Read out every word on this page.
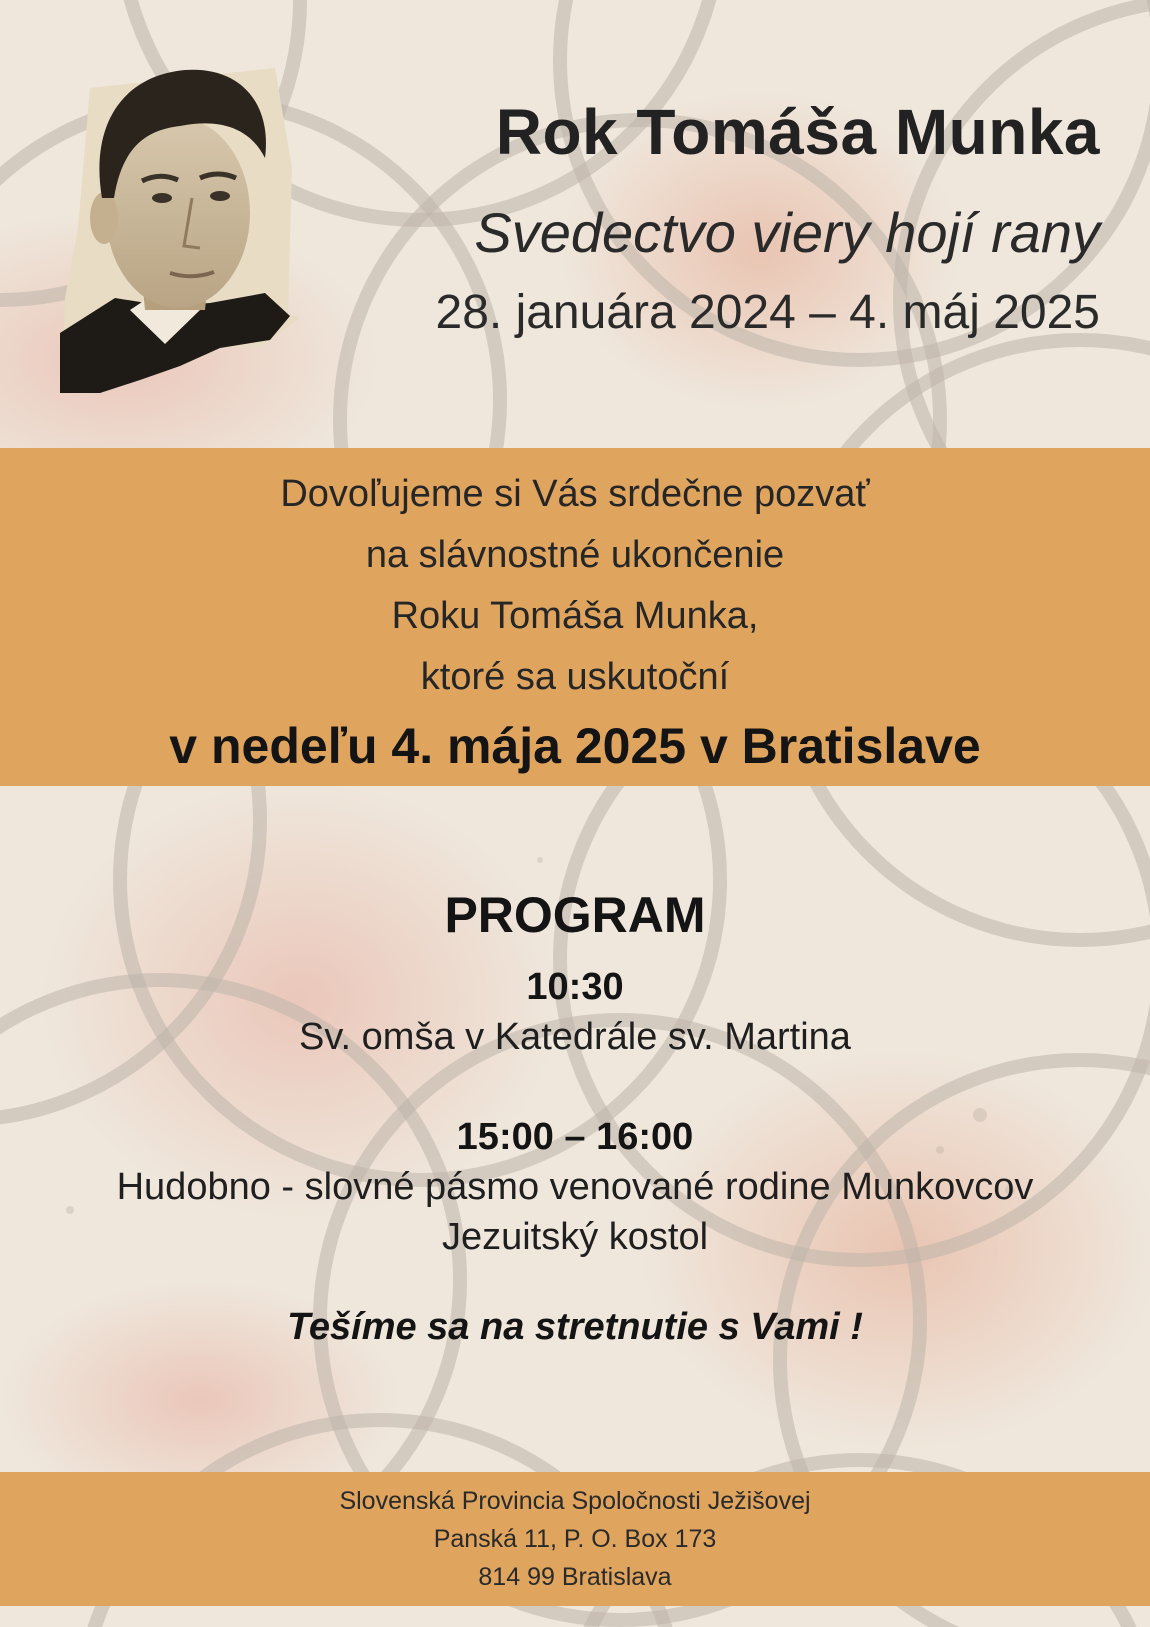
Rok Tomáša Munka
Svedectvo viery hojí rany
28. januára 2024 – 4. máj 2025
Dovoľujeme si Vás srdečne pozvať
na slávnostné ukončenie
Roku Tomáša Munka,
ktoré sa uskutoční
v nedeľu 4. mája 2025 v Bratislave
PROGRAM
10:30
Sv. omša v Katedrále sv. Martina
15:00 – 16:00
Hudobno - slovné pásmo venované rodine Munkovcov
Jezuitský kostol
Tešíme sa na stretnutie s Vami !
Slovenská Provincia Spoločnosti Ježišovej
Panská 11, P. O. Box 173
814 99 Bratislava
